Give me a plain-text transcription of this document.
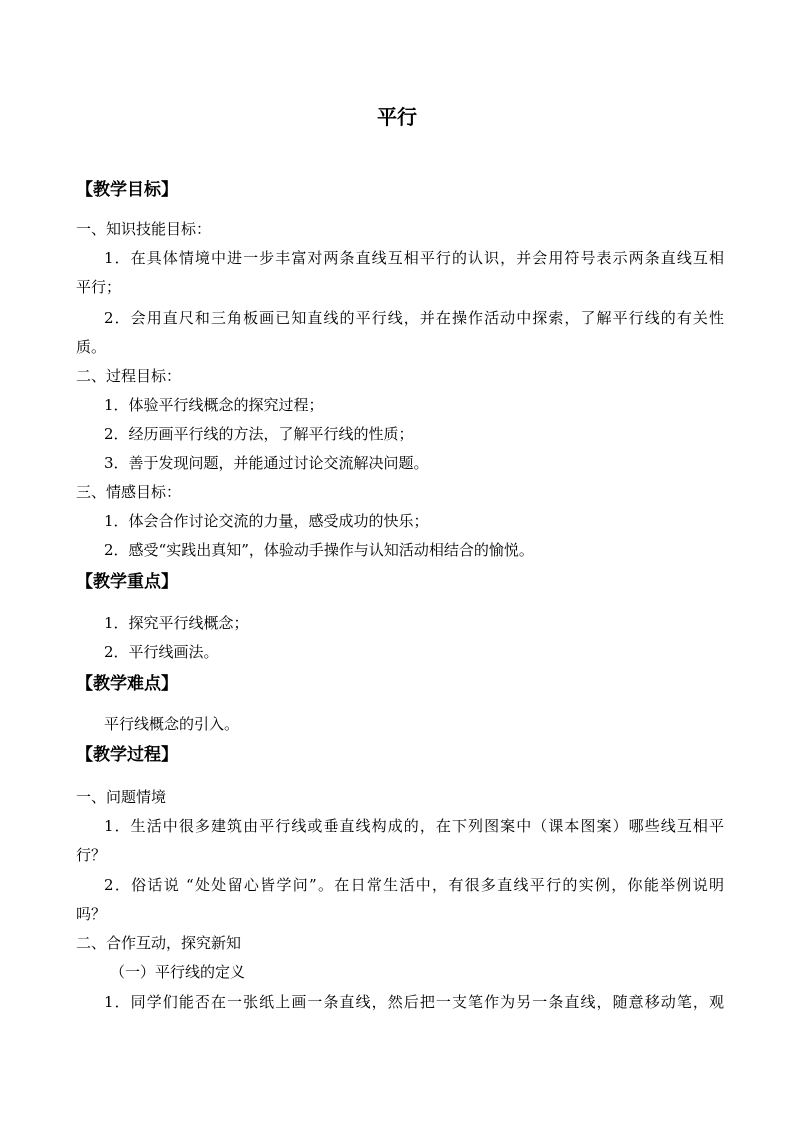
平行
【教学目标】
一、知识技能目标：
1．在具体情境中进一步丰富对两条直线互相平行的认识，并会用符号表示两条直线互相
平行；
2．会用直尺和三角板画已知直线的平行线，并在操作活动中探索，了解平行线的有关性
质。
二、过程目标：
1．体验平行线概念的探究过程；
2．经历画平行线的方法，了解平行线的性质；
3．善于发现问题，并能通过讨论交流解决问题。
三、情感目标：
1．体会合作讨论交流的力量，感受成功的快乐；
2．感受“实践出真知”，体验动手操作与认知活动相结合的愉悦。
【教学重点】
1．探究平行线概念；
2．平行线画法。
【教学难点】
平行线概念的引入。
【教学过程】
一、问题情境
1．生活中很多建筑由平行线或垂直线构成的，在下列图案中（课本图案）哪些线互相平
行？
2．俗话说 “处处留心皆学问”。在日常生活中，有很多直线平行的实例，你能举例说明
吗？
二、合作互动，探究新知
（一）平行线的定义
1．同学们能否在一张纸上画一条直线，然后把一支笔作为另一条直线，随意移动笔，观
